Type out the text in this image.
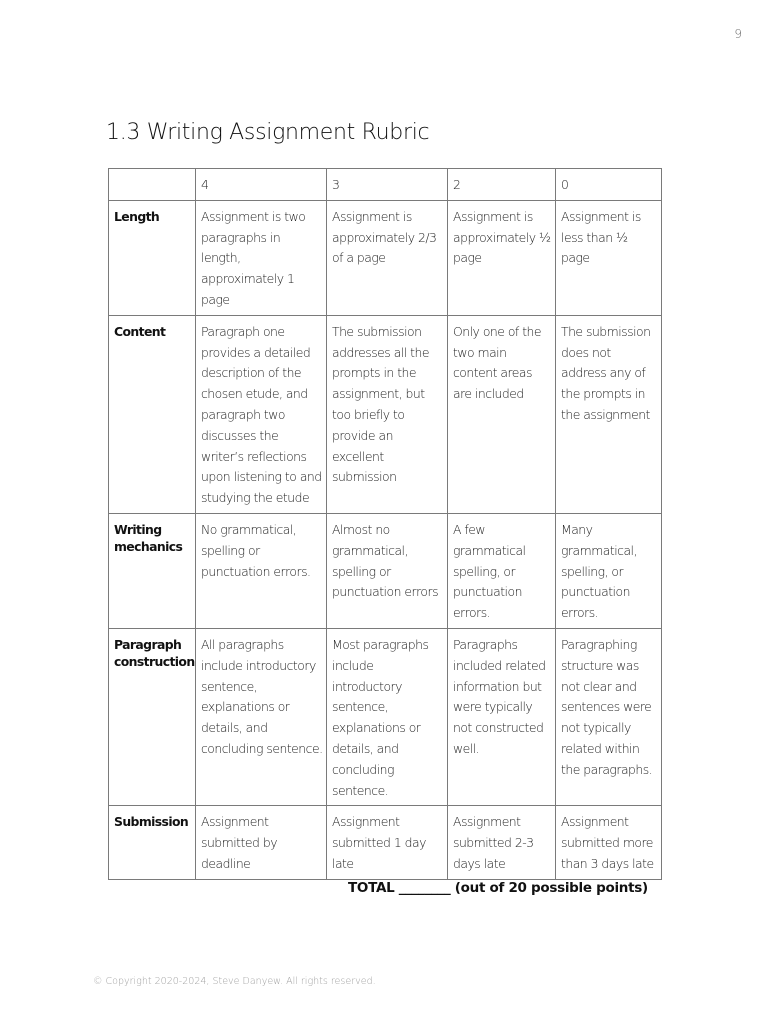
9
1.3 Writing Assignment Rubric
	4	3	2	0
Length	Assignment is two paragraphs in length, approximately 1 page	Assignment is approximately 2/3 of a page	Assignment is approximately ½ page	Assignment is less than ½ page
Content	Paragraph one provides a detailed description of the chosen etude, and paragraph two discusses the writer’s reflections upon listening to and studying the etude	The submission addresses all the prompts in the assignment, but too briefly to provide an excellent submission	Only one of the two main content areas are included	The submission does not address any of the prompts in the assignment
Writing mechanics	No grammatical, spelling or punctuation errors.	Almost no grammatical, spelling or punctuation errors	A few grammatical spelling, or punctuation errors.	Many grammatical, spelling, or punctuation errors.
Paragraph construction	All paragraphs include introductory sentence, explanations or details, and concluding sentence.	Most paragraphs include introductory sentence, explanations or details, and concluding sentence.	Paragraphs included related information but were typically not constructed well.	Paragraphing structure was not clear and sentences were not typically related within the paragraphs.
Submission	Assignment submitted by deadline	Assignment submitted 1 day late	Assignment submitted 2-3 days late	Assignment submitted more than 3 days late
TOTAL ________ (out of 20 possible points)
© Copyright 2020-2024, Steve Danyew. All rights reserved.
